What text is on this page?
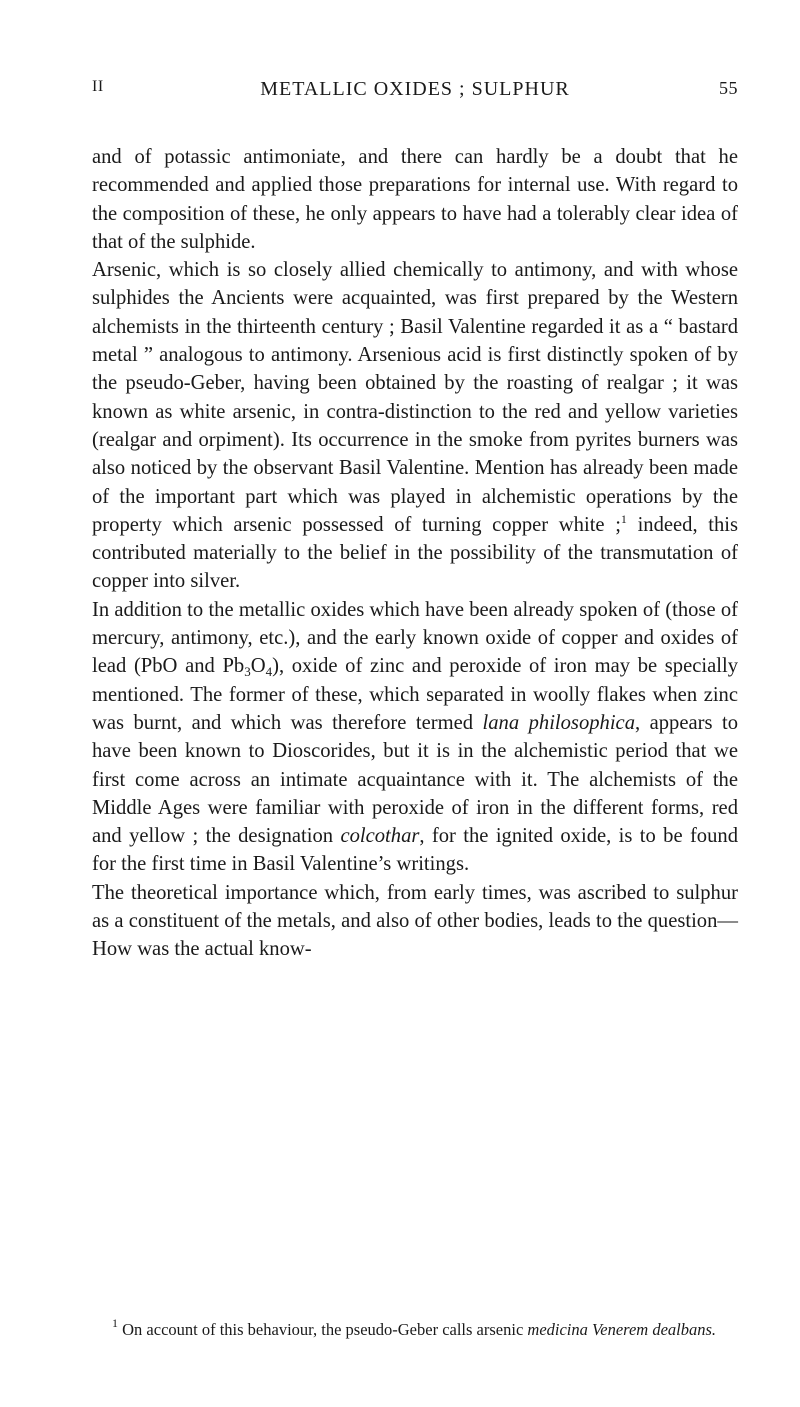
II	METALLIC OXIDES ; SULPHUR	55

and of potassic antimoniate, and there can hardly be a doubt that he recommended and applied those preparations for internal use. With regard to the composition of these, he only appears to have had a tolerably clear idea of that of the sulphide.

Arsenic, which is so closely allied chemically to antimony, and with whose sulphides the Ancients were acquainted, was first prepared by the Western alchemists in the thirteenth century ; Basil Valentine regarded it as a “ bastard metal ” analogous to antimony. Arsenious acid is first distinctly spoken of by the pseudo-Geber, having been obtained by the roasting of realgar ; it was known as white arsenic, in contra-distinction to the red and yellow varieties (realgar and orpiment). Its occurrence in the smoke from pyrites burners was also noticed by the observant Basil Valentine. Mention has already been made of the important part which was played in alchemistic operations by the property which arsenic possessed of turning copper white ;$^1$ indeed, this contributed materially to the belief in the possibility of the transmutation of copper into silver.

In addition to the metallic oxides which have been already spoken of (those of mercury, antimony, etc.), and the early known oxide of copper and oxides of lead (PbO and $Pb_3O_4$), oxide of zinc and peroxide of iron may be specially mentioned. The former of these, which separated in woolly flakes when zinc was burnt, and which was therefore termed lana philosophica, appears to have been known to Dioscorides, but it is in the alchemistic period that we first come across an intimate acquaintance with it. The alchemists of the Middle Ages were familiar with peroxide of iron in the different forms, red and yellow ; the designation colcothar, for the ignited oxide, is to be found for the first time in Basil Valentine’s writings.

The theoretical importance which, from early times, was ascribed to sulphur as a constituent of the metals, and also of other bodies, leads to the question—How was the actual know-

$^1$ On account of this behaviour, the pseudo-Geber calls arsenic medicina Venerem dealbans.
